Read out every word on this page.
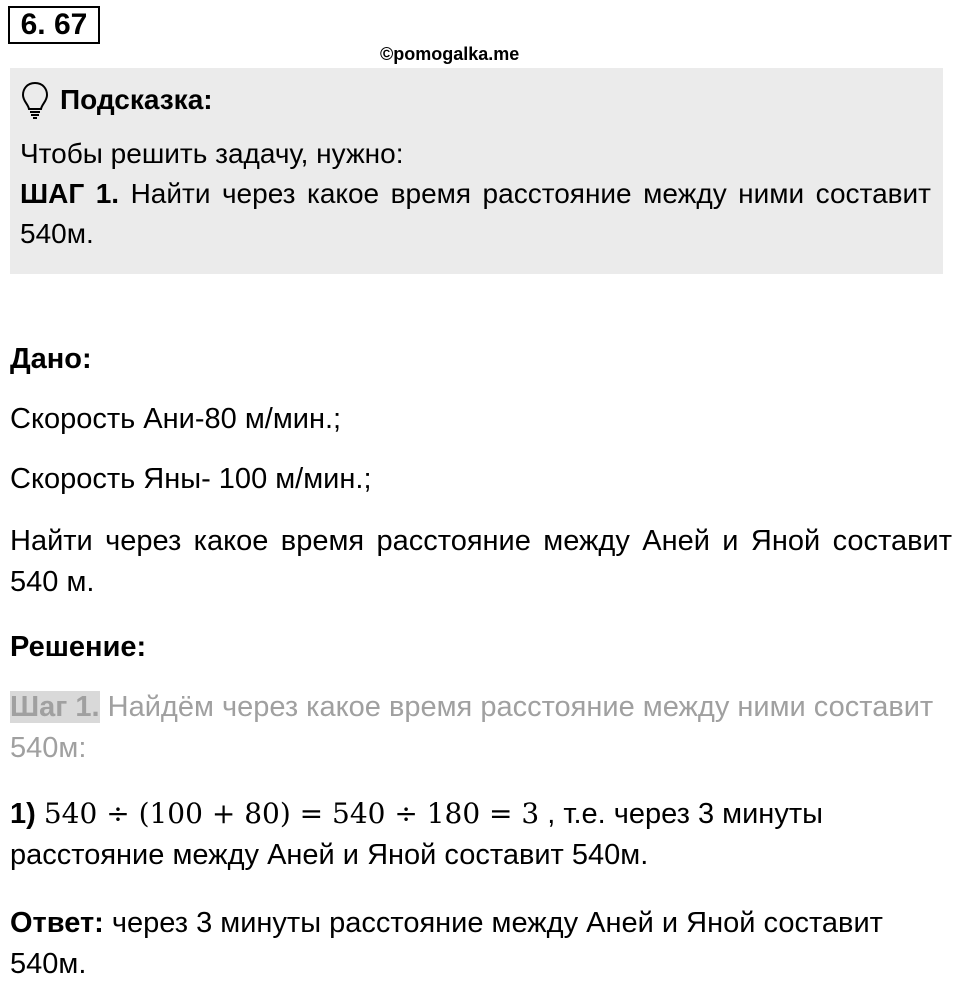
6. 67
©pomogalka.me
Подсказка:
Чтобы решить задачу, нужно:
ШАГ 1. Найти через какое время расстояние между ними составит 540м.
Дано:
Скорость Ани-80 м/мин.;
Скорость Яны- 100 м/мин.;
Найти через какое время расстояние между Аней и Яной составит 540 м.
Решение:
Шаг 1. Найдём через какое время расстояние между ними составит 540м:
1) 540 ÷ (100 + 80) = 540 ÷ 180 = 3 , т.е. через 3 минуты расстояние между Аней и Яной составит 540м.
Ответ: через 3 минуты расстояние между Аней и Яной составит 540м.
